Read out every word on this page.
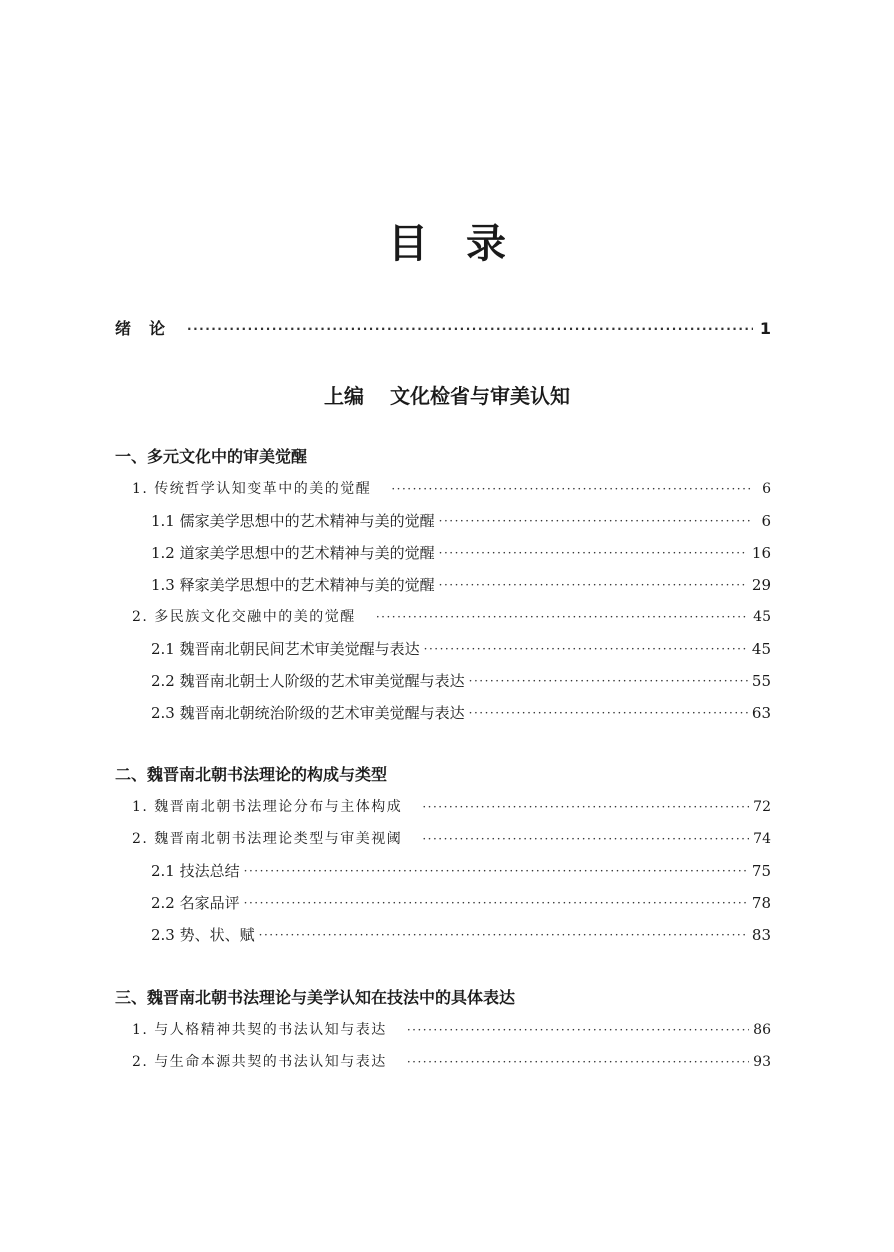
目录
绪论 ·····	1
上编 文化检省与审美认知
一、多元文化中的审美觉醒
1. 传统哲学认知变革中的美的觉醒 ·····	6
1.1 儒家美学思想中的艺术精神与美的觉醒 ·····	6
1.2 道家美学思想中的艺术精神与美的觉醒 ·····	16
1.3 释家美学思想中的艺术精神与美的觉醒 ·····	29
2. 多民族文化交融中的美的觉醒 ·····	45
2.1 魏晋南北朝民间艺术审美觉醒与表达 ·····	45
2.2 魏晋南北朝士人阶级的艺术审美觉醒与表达 ·····	55
2.3 魏晋南北朝统治阶级的艺术审美觉醒与表达 ·····	63
二、魏晋南北朝书法理论的构成与类型
1. 魏晋南北朝书法理论分布与主体构成 ·····	72
2. 魏晋南北朝书法理论类型与审美视阈 ·····	74
2.1 技法总结 ·····	75
2.2 名家品评 ·····	78
2.3 势、状、赋 ·····	83
三、魏晋南北朝书法理论与美学认知在技法中的具体表达
1. 与人格精神共契的书法认知与表达 ·····	86
2. 与生命本源共契的书法认知与表达 ·····	93
